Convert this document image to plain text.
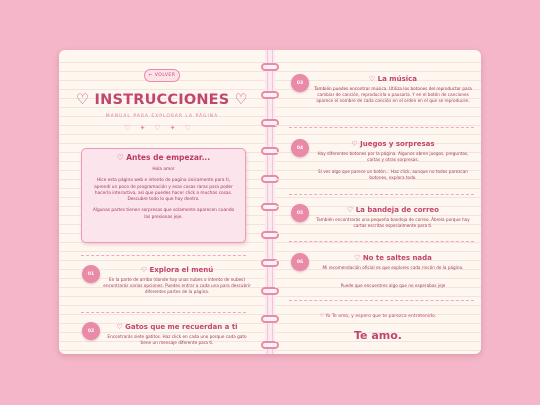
← VOLVER
♡ INSTRUCCIONES ♡
MANUAL PARA EXPLORAR LA PÁGINA
♡✦♡✦♡
♡ Antes de empezar...

Hola amor

Hice esta página web e intento de pagina únicamente para ti, aprendí un poco de programación y esas cosas raras para poder hacerla interactiva, así que puedes hacer click a muchas cosas. Descubre todo lo que hay dentro.

Algunas partes tienen sorpresas que solamente aparecen cuando las presionas jeje.

01	♡ Explora el menú
En la parte de arriba (donde hay unas nubes o intento de nubes) encontrarás varias opciones. Puedes entrar a cada una para descubrir diferentes partes de la página.
02	♡ Gatos que me recuerdan a ti
Encontrarás siete gatitos. Haz click en cada uno porque cada gato tiene un mensaje diferente para ti.
03	♡ La música
También puedes encontrar música. Utiliza los botones del reproductor para cambiar de canción, reproducirla o pausarla. Y en el botón de canciones aparece el nombre de cada canción en el orden en el que se reproducen.
04	♡ Juegos y sorpresas
Hay diferentes botones por la página. Algunos abren juegos, preguntas, cartas y otras sorpresas.
Si ves algo que parece un botón... Haz click, aunque no todos parezcan botones, explora todo.
05	♡ La bandeja de correo
También encontrarás una pequeña bandeja de correo. Ábrela porque hay cartas escritas especialmente para ti.
06	♡ No te saltes nada
Mi recomendación oficial es que explores cada rincón de la página.
Puede que encuentres algo que no esperabas jeje
♡ Yo Te amo, y espero que te parezca entretenido.
Te amo.
